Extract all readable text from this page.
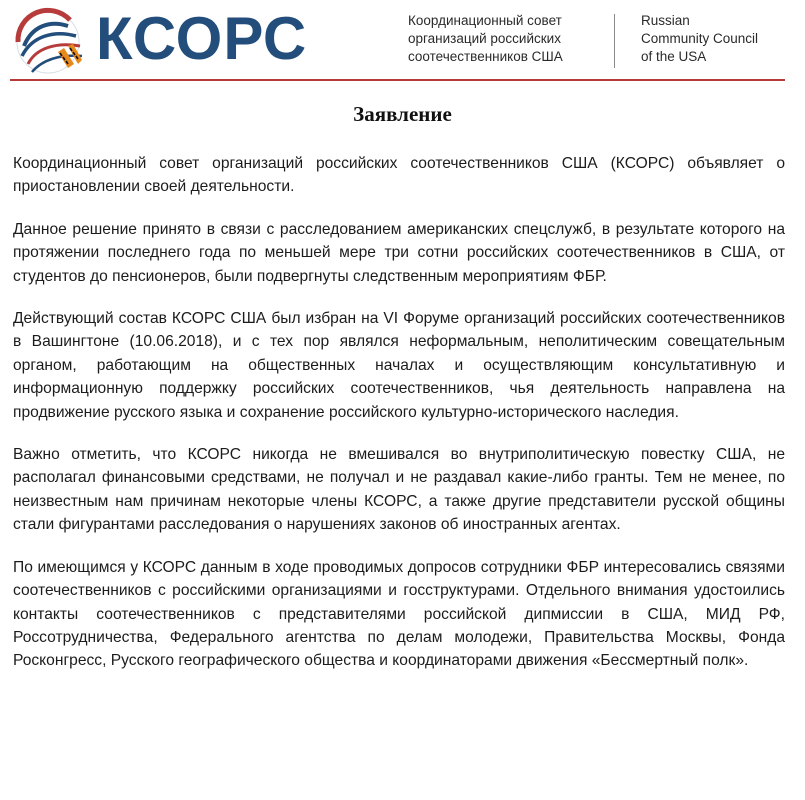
КСОРС	Координационный совет
организаций российских
соотечественников США
Russian
Community Council
of the USA
Заявление

Координационный совет организаций российских соотечественников США (КСОРС) объявляет о приостановлении своей деятельности.

Данное решение принято в связи с расследованием американских спецслужб, в результате которого на протяжении последнего года по меньшей мере три сотни российских соотечественников в США, от студентов до пенсионеров, были подвергнуты следственным мероприятиям ФБР.

Действующий состав КСОРС США был избран на VI Форуме организаций российских соотечественников в Вашингтоне (10.06.2018), и с тех пор являлся неформальным, неполитическим совещательным органом, работающим на общественных началах и осуществляющим консультативную и информационную поддержку российских соотечественников, чья деятельность направлена на продвижение русского языка и сохранение российского культурно-исторического наследия.

Важно отметить, что КСОРС никогда не вмешивался во внутриполитическую повестку США, не располагал финансовыми средствами, не получал и не раздавал какие-либо гранты. Тем не менее, по неизвестным нам причинам некоторые члены КСОРС, а также другие представители русской общины стали фигурантами расследования о нарушениях законов об иностранных агентах.

По имеющимся у КСОРС данным в ходе проводимых допросов сотрудники ФБР интересовались связями соотечественников с российскими организациями и госструктурами. Отдельного внимания удостоились контакты соотечественников с представителями российской дипмиссии в США, МИД РФ, Россотрудничества, Федерального агентства по делам молодежи, Правительства Москвы, Фонда Росконгресс, Русского географического общества и координаторами движения «Бессмертный полк».
